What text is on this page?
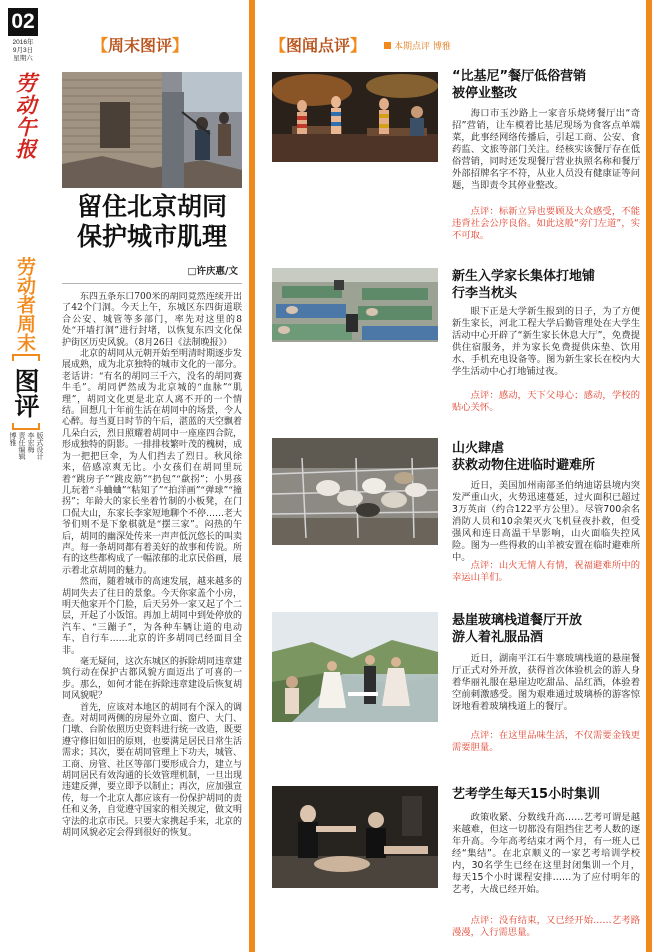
02
2016年
9月3日
星期六
劳动午报
劳动者周末
图评
版式设计
李宏梅
责任编辑
博雅
【周末图评】
留住北京胡同
保护城市肌理
□许庆惠/文

东四五条东口700米的胡同竟然连续开出了42个门洞。今天上午，东城区东四街道联合公安、城管等多部门，率先对这里的8处“开墙打洞”进行封堵，以恢复东四文化保护街区历史风貌。（8月26日《法制晚报》）

北京的胡同从元朝开始至明清时期逐步发展成熟，成为北京独特的城市文化的一部分。老话讲：“有名的胡同三千六，没名的胡同赛牛毛”。胡同俨然成为北京城的“血脉”“肌理”，胡同文化更是北京人离不开的一个情结。回想几十年前生活在胡同中的场景，令人心醉。每当夏日时节的午后，湛蓝的天空飘着几朵白云，烈日照耀着胡同中一座座四合院，形成独特的阴影。一排排枝繁叶茂的槐树，成为一把把巨伞，为人们挡去了烈日。秋风徐来，倍感凉爽无比。小女孩们在胡同里玩着“跳房子”“跳皮筋”“扔包”“歘拐”；小男孩儿玩着“斗蛐蛐”“粘知了”“拍洋画”“弹球”“撞拐”；年龄大的家长坐着竹制的小板凳，在门口侃大山，东家长李家短地聊个不停……老大爷们则不是下象棋就是“摆三家”。闷热的午后，胡同的幽深处传来一声声低沉悠长的叫卖声。每一条胡同都有着美好的故事和传说。所有的这些都构成了一幅浓郁的北京民俗画，展示着北京胡同的魅力。

然而，随着城市的高速发展，越来越多的胡同失去了往日的景象。今天你家盖个小房，明天他家开个门脸，后天另外一家又起了个二层，开起了小饭馆。再加上胡同中到处停放的汽车、“三蹦子”，为各种车辆让道的电动车、自行车……北京的许多胡同已经面目全非。

毫无疑问，这次东城区的拆除胡同违章建筑行动在保护古都风貌方面迈出了可喜的一步。那么，如何才能在拆除违章建设后恢复胡同风貌呢？

首先，应该对本地区的胡同有个深入的调查。对胡同两侧的房屋外立面、窗户、大门、门墩、台阶依照历史资料进行统一改造，既要遵守修旧如旧的原则，也要满足居民日常生活需求；其次，要在胡同管理上下功夫，城管、工商、房管、社区等部门要形成合力，建立与胡同居民有效沟通的长效管理机制，一旦出现违建反弹，要立即予以制止；再次，应加强宣传，每一个北京人都应该有一份保护胡同的责任和义务，自觉遵守国家的相关规定，做文明守法的北京市民。只要大家携起手来，北京的胡同风貌必定会得到很好的恢复。

【图闻点评】	本期点评 博雅
“比基尼”餐厅低俗营销
被停业整改
海口市玉沙路上一家音乐烧烤餐厅出“奇招”营销，让车模着比基尼现场为食客点单端菜，此事经网络传播后，引起工商、公安、食药监、文旅等部门关注。经核实该餐厅存在低俗营销，同时还发现餐厅营业执照名称和餐厅外部招牌名字不符，从业人员没有健康证等问题，当即责令其停业整改。
点评：标新立异也要顾及大众感受，不能违背社会公序良俗。如此这般“旁门左道”，实不可取。
新生入学家长集体打地铺
行李当枕头
眼下正是大学新生报到的日子，为了方便新生家长，河北工程大学后勤管理处在大学生活动中心开辟了“新生家长休息大厅”，免费提供住宿服务，并为家长免费提供床垫、饮用水、手机充电设备等。图为新生家长在校内大学生活动中心打地铺过夜。
点评：感动，天下父母心；感动，学校的贴心关怀。
山火肆虐
获救动物住进临时避难所
近日，美国加州南部圣伯纳迪诺县境内突发严重山火，火势迅速蔓延，过火面积已超过3万英亩（约合122平方公里）。尽管700余名消防人员和10余架灭火飞机昼夜扑救，但受强风和连日高温干旱影响，山火面临失控风险。图为一些得救的山羊被安置在临时避难所中。
点评：山火无情人有情，祝福避难所中的幸运山羊们。
悬崖玻璃栈道餐厅开放
游人着礼服品酒
近日，湖南平江石牛寨玻璃栈道的悬崖餐厅正式对外开放，获得首次体验机会的游人身着华丽礼服在悬崖边吃甜品、品红酒，体验着空前刺激感受。图为艰难通过玻璃桥的游客惊讶地看着玻璃栈道上的餐厅。
点评：在这里品味生活，不仅需要金钱更需要胆量。
艺考学生每天15小时集训
政策收紧、分数线升高……艺考可谓是越来越难，但这一切都没有阻挡住艺考人数的逐年升高。今年高考结束才两个月，有一班人已经“集结”。在北京顺义的一家艺考培训学校内，30名学生已经在这里封闭集训一个月，每天15个小时课程安排……为了应付明年的艺考，大战已经开始。
点评：没有结束，又已经开始……艺考路漫漫，入行需思量。
